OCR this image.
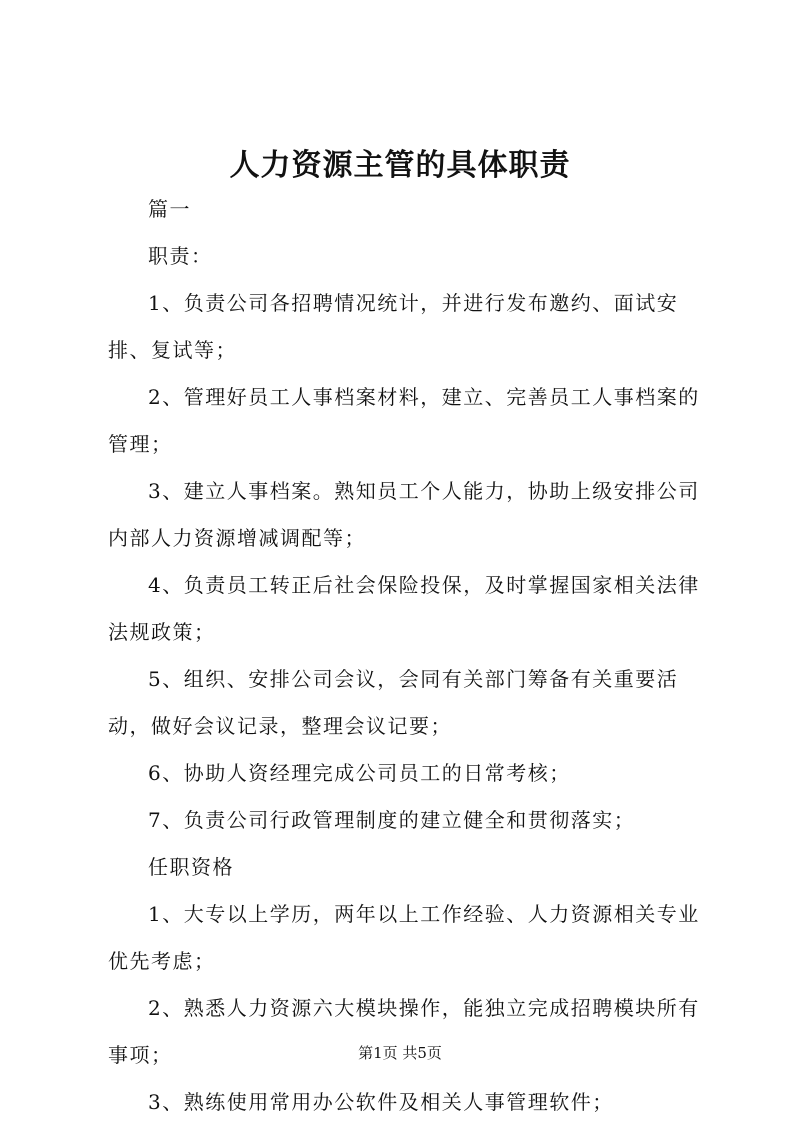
人力资源主管的具体职责

篇一

职责：

1、负责公司各招聘情况统计，并进行发布邀约、面试安排、复试等；

2、管理好员工人事档案材料，建立、完善员工人事档案的管理；

3、建立人事档案。熟知员工个人能力，协助上级安排公司内部人力资源增减调配等；

4、负责员工转正后社会保险投保，及时掌握国家相关法律法规政策；

5、组织、安排公司会议，会同有关部门筹备有关重要活动，做好会议记录，整理会议记要；

6、协助人资经理完成公司员工的日常考核；

7、负责公司行政管理制度的建立健全和贯彻落实；

任职资格

1、大专以上学历，两年以上工作经验、人力资源相关专业优先考虑；

2、熟悉人力资源六大模块操作，能独立完成招聘模块所有事项；

3、熟练使用常用办公软件及相关人事管理软件；

第1页 共5页
